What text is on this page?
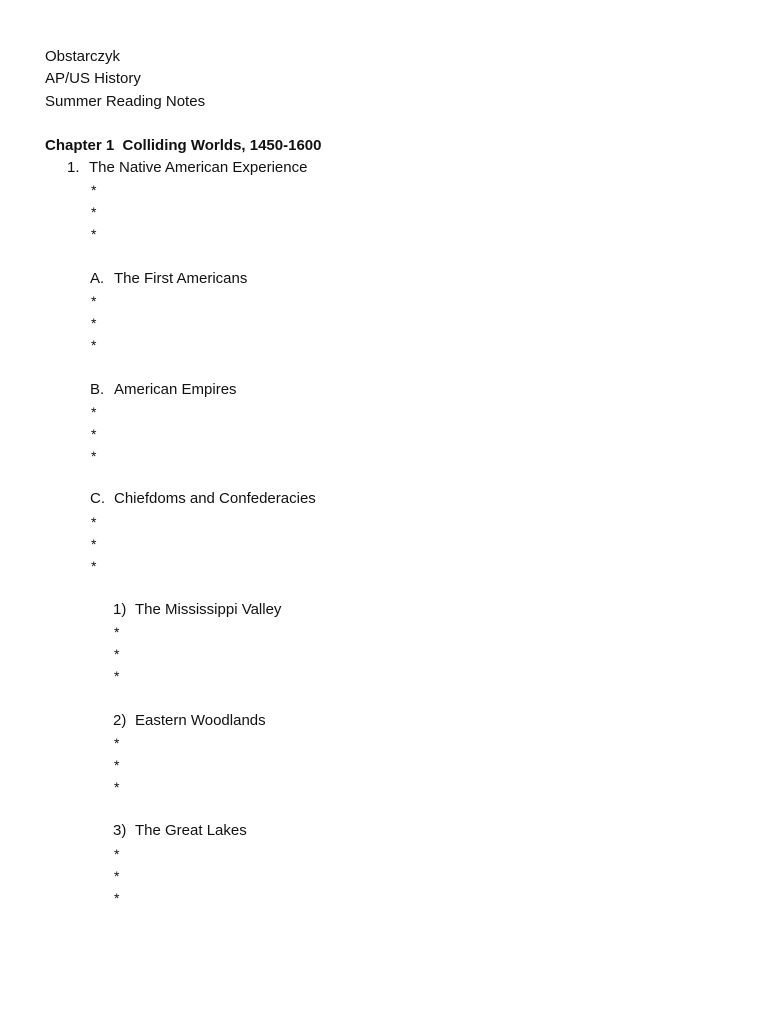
Obstarczyk
AP/US History
Summer Reading Notes
Chapter 1 Colliding Worlds, 1450-1600
1. The Native American Experience
*
*
*
A. The First Americans
*
*
*
B. American Empires
*
*
*
C. Chiefdoms and Confederacies
*
*
*
1) The Mississippi Valley
*
*
*
2) Eastern Woodlands
*
*
*
3) The Great Lakes
*
*
*
